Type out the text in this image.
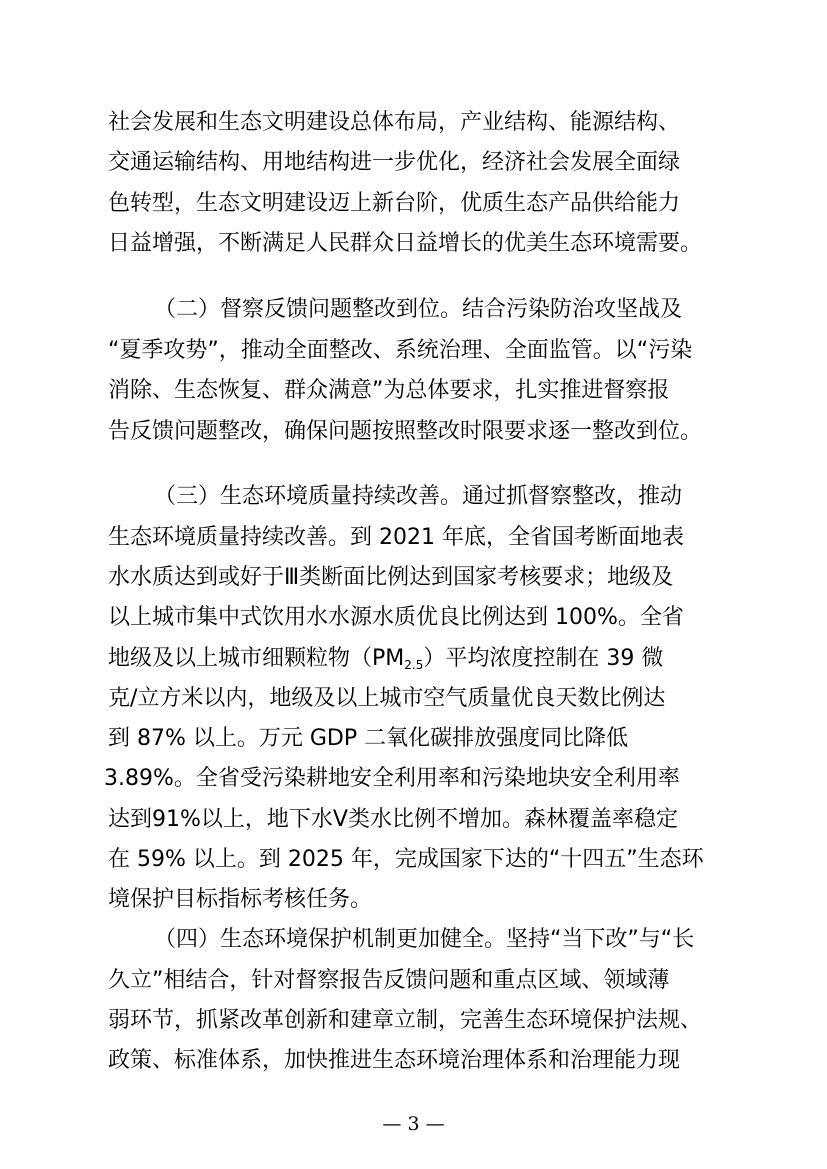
社会发展和生态文明建设总体布局，产业结构、能源结构、
交通运输结构、用地结构进一步优化，经济社会发展全面绿
色转型，生态文明建设迈上新台阶，优质生态产品供给能力
日益增强，不断满足人民群众日益增长的优美生态环境需要。
（二）督察反馈问题整改到位。结合污染防治攻坚战及
“夏季攻势”，推动全面整改、系统治理、全面监管。以“污染
消除、生态恢复、群众满意”为总体要求，扎实推进督察报
告反馈问题整改，确保问题按照整改时限要求逐一整改到位。
（三）生态环境质量持续改善。通过抓督察整改，推动
生态环境质量持续改善。到 2021 年底，全省国考断面地表
水水质达到或好于Ⅲ类断面比例达到国家考核要求；地级及
以上城市集中式饮用水水源水质优良比例达到 100%。全省
地级及以上城市细颗粒物$(PM_{2.5})$平均浓度控制在 39 微
克/立方米以内，地级及以上城市空气质量优良天数比例达
到 87% 以上。万元 GDP 二氧化碳排放强度同比降低
3.89%。全省受污染耕地安全利用率和污染地块安全利用率
达到91%以上，地下水Ⅴ类水比例不增加。森林覆盖率稳定
在 59% 以上。到 2025 年，完成国家下达的“十四五”生态环
境保护目标指标考核任务。
（四）生态环境保护机制更加健全。坚持“当下改”与“长
久立”相结合，针对督察报告反馈问题和重点区域、领域薄
弱环节，抓紧改革创新和建章立制，完善生态环境保护法规、
政策、标准体系，加快推进生态环境治理体系和治理能力现
— 3 —
